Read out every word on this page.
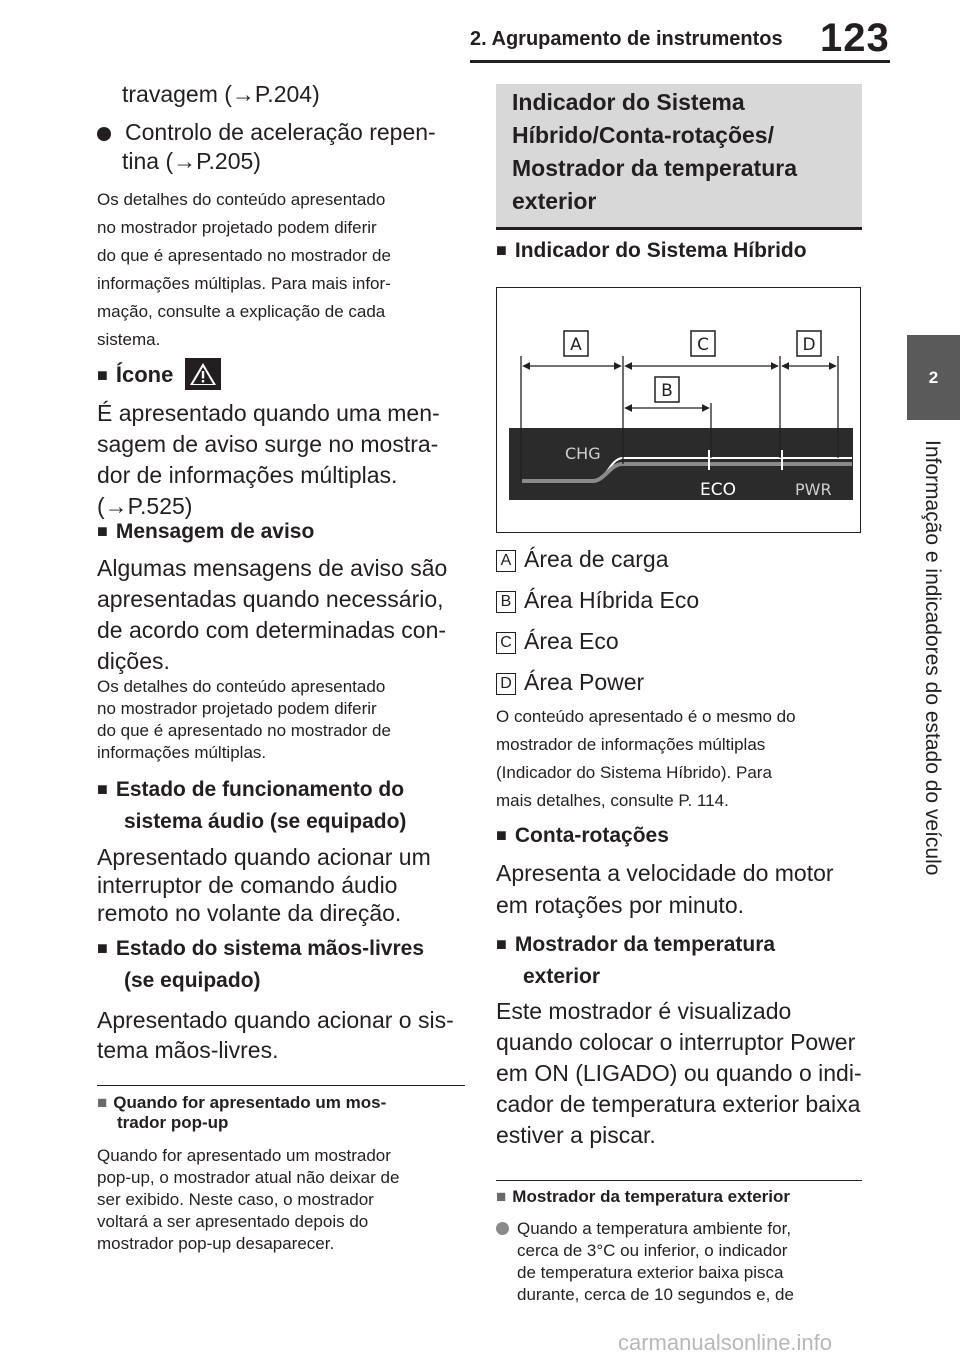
2. Agrupamento de instrumentos 123
2
Informação e indicadores do estado do veículo
travagem (→P.204)
Controlo de aceleração repen-
tina (→P.205)
Os detalhes do conteúdo apresentado
no mostrador projetado podem diferir
do que é apresentado no mostrador de
informações múltiplas. Para mais infor-
mação, consulte a explicação de cada
sistema.
■ Ícone
É apresentado quando uma men-
sagem de aviso surge no mostra-
dor de informações múltiplas.
(→P.525)
■ Mensagem de aviso
Algumas mensagens de aviso são
apresentadas quando necessário,
de acordo com determinadas con-
dições.
Os detalhes do conteúdo apresentado
no mostrador projetado podem diferir
do que é apresentado no mostrador de
informações múltiplas.
■ Estado de funcionamento do
sistema áudio (se equipado)
Apresentado quando acionar um
interruptor de comando áudio
remoto no volante da direção.
■ Estado do sistema mãos-livres
(se equipado)
Apresentado quando acionar o sis-
tema mãos-livres.
■ Quando for apresentado um mos-
trador pop-up
Quando for apresentado um mostrador
pop-up, o mostrador atual não deixar de
ser exibido. Neste caso, o mostrador
voltará a ser apresentado depois do
mostrador pop-up desaparecer.
Indicador do Sistema
Híbrido/Conta-rotações/
Mostrador da temperatura
exterior
■ Indicador do Sistema Híbrido
CHG
ECO	PWR
A	C	D
B
A Área de carga
B Área Híbrida Eco
C Área Eco
D Área Power
O conteúdo apresentado é o mesmo do
mostrador de informações múltiplas
(Indicador do Sistema Híbrido). Para
mais detalhes, consulte P. 114.
■ Conta-rotações
Apresenta a velocidade do motor
em rotações por minuto.
■ Mostrador da temperatura
exterior
Este mostrador é visualizado
quando colocar o interruptor Power
em ON (LIGADO) ou quando o indi-
cador de temperatura exterior baixa
estiver a piscar.
■ Mostrador da temperatura exterior
Quando a temperatura ambiente for,
cerca de 3°C ou inferior, o indicador
de temperatura exterior baixa pisca
durante, cerca de 10 segundos e, de
carmanualsonline.info
